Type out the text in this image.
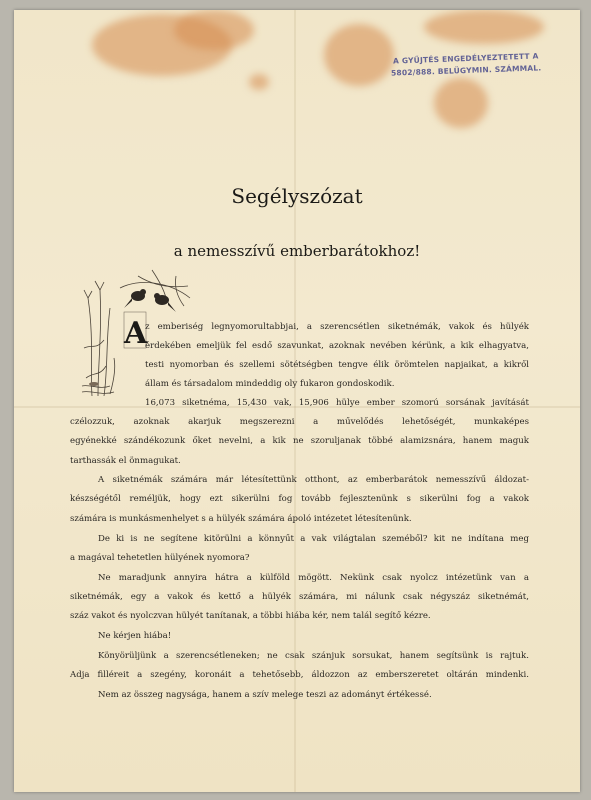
A GYŰJTÉS ENGEDÉLYEZTETETT A
5802/888. BELÜGYMIN. SZÁMMAL.
Segélyszózat
a nemesszívű emberbarátokhoz!
A
z emberiség legnyomorultabbjai, a szerencsétlen siketnémák, vakok és hülyék
érdekében emeljük fel esdő szavunkat, azoknak nevében kérünk, a kik elhagyatva,
testi nyomorban és szellemi sötétségben tengve élik örömtelen napjaikat, a kikről
állam és társadalom mindeddig oly fukaron gondoskodik.
16,073 siketnéma, 15,430 vak, 15,906 hülye ember szomorú sorsának javítását
czélozzuk, azoknak akarjuk megszerezni a művelődés lehetőségét, munkaképes
egyénekké szándékozunk őket nevelni, a kik ne szoruljanak többé alamizsnára, hanem maguk
tarthassák el önmagukat.
A siketnémák számára már létesítettünk otthont, az emberbarátok nemesszívű áldozat-
készségétől reméljük, hogy ezt sikerülni fog tovább fejlesztenünk s sikerülni fog a vakok
számára is munkásmenhelyet s a hülyék számára ápoló intézetet létesítenünk.
De ki is ne segítene kitörülni a könnyűt a vak világtalan szeméből? kit ne indítana meg
a magával tehetetlen hülyének nyomora?
Ne maradjunk annyira hátra a külföld mögött. Nekünk csak nyolcz intézetünk van a
siketnémák, egy a vakok és kettő a hülyék számára, mi nálunk csak négyszáz siketnémát,
száz vakot és nyolczvan hülyét tanítanak, a többi hiába kér, nem talál segítő kézre.
Ne kérjen hiába!
Könyörüljünk a szerencsétleneken; ne csak szánjuk sorsukat, hanem segítsünk is rajtuk.
Adja filléreit a szegény, koronáit a tehetősebb, áldozzon az emberszeretet oltárán mindenki.
Nem az összeg nagysága, hanem a szív melege teszi az adományt értékessé.
